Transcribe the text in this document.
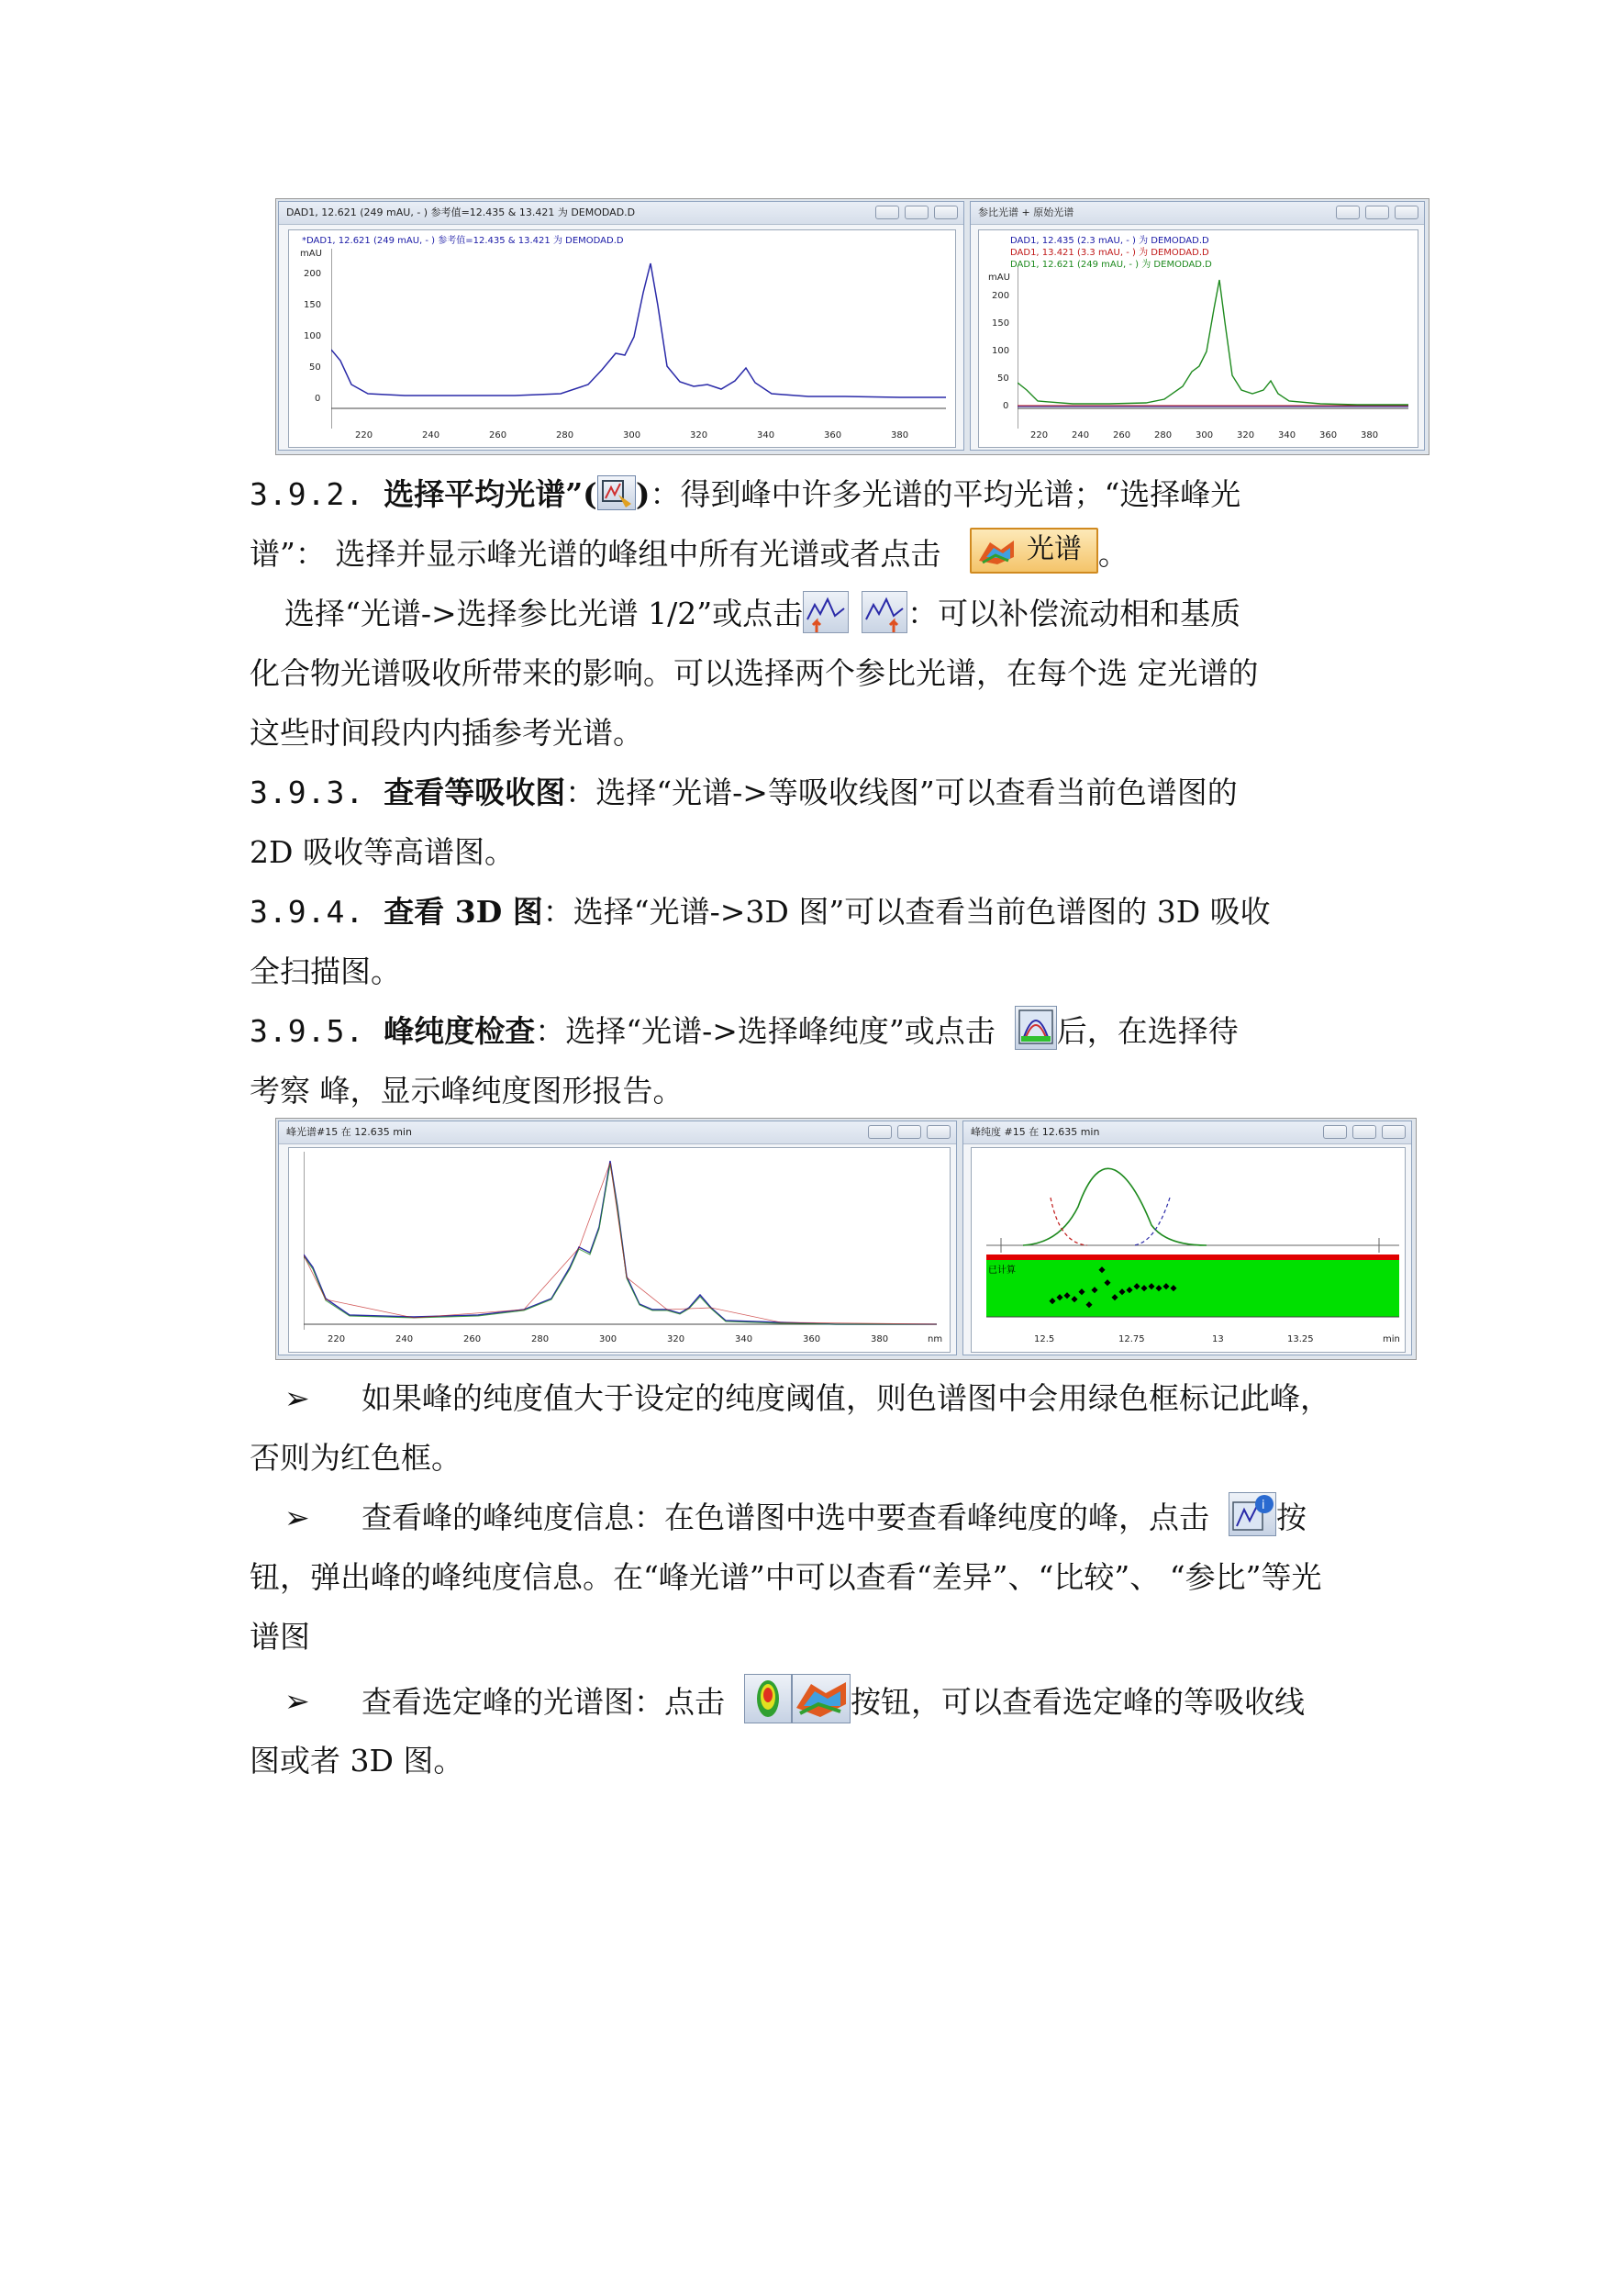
DAD1, 12.621 (249 mAU, - ) 参考值=12.435 & 13.421 为 DEMODAD.D
*DAD1, 12.621 (249 mAU, - ) 参考值=12.435 & 13.421 为 DEMODAD.D
mAU
200
150
100
50
0
220	240	260	280	300	320	340	360	380
参比光谱 + 原始光谱
DAD1, 12.435 (2.3 mAU, - ) 为 DEMODAD.D
DAD1, 13.421 (3.3 mAU, - ) 为 DEMODAD.D
DAD1, 12.621 (249 mAU, - ) 为 DEMODAD.D
mAU
200
150
100
50
0
220	240	260	280	300	320	340	360	380
3.9.2. 选择平均光谱”( )：得到峰中许多光谱的平均光谱；“选择峰光
谱”： 选择并显示峰光谱的峰组中所有光谱或者点击	光谱 。
选择“光谱->选择参比光谱 1/2”或点击	：可以补偿流动相和基质
化合物光谱吸收所带来的影响。可以选择两个参比光谱，在每个选 定光谱的
这些时间段内内插参考光谱。
3.9.3. 查看等吸收图：选择“光谱->等吸收线图”可以查看当前色谱图的
2D 吸收等高谱图。
3.9.4. 查看 3D 图：选择“光谱->3D 图”可以查看当前色谱图的 3D 吸收
全扫描图。
3.9.5. 峰纯度检查：选择“光谱->选择峰纯度”或点击 后，在选择待
考察 峰，显示峰纯度图形报告。
峰光谱#15 在 12.635 min
220	240	260	280	300	320	340	360	380	nm
峰纯度 #15 在 12.635 min
已计算
12.5	12.75	13	13.25	min
➢ 如果峰的纯度值大于设定的纯度阈值，则色谱图中会用绿色框标记此峰，
否则为红色框。
➢ 查看峰的峰纯度信息：在色谱图中选中要查看峰纯度的峰，点击	i 按
钮，弹出峰的峰纯度信息。在“峰光谱”中可以查看“差异”、“比较”、 “参比”等光
谱图
➢ 查看选定峰的光谱图：点击	按钮，可以查看选定峰的等吸收线
图或者 3D 图。
